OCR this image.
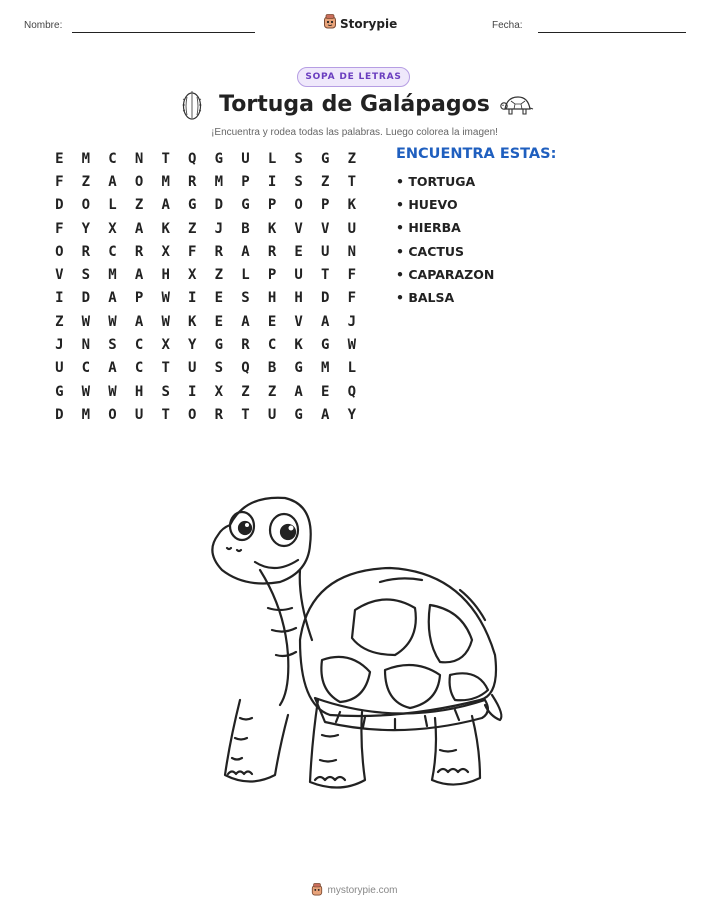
Nombre:	Storypie	Fecha:
SOPA DE LETRAS
Tortuga de Galápagos
¡Encuentra y rodea todas las palabras. Luego colorea la imagen!
E	M	C	N	T	Q	G	U	L	S	G	Z
F	Z	A	O	M	R	M	P	I	S	Z	T
D	O	L	Z	A	G	D	G	P	O	P	K
F	Y	X	A	K	Z	J	B	K	V	V	U
O	R	C	R	X	F	R	A	R	E	U	N
V	S	M	A	H	X	Z	L	P	U	T	F
I	D	A	P	W	I	E	S	H	H	D	F
Z	W	W	A	W	K	E	A	E	V	A	J
J	N	S	C	X	Y	G	R	C	K	G	W
U	C	A	C	T	U	S	Q	B	G	M	L
G	W	W	H	S	I	X	Z	Z	A	E	Q
D	M	O	U	T	O	R	T	U	G	A	Y
ENCUENTRA ESTAS:
• TORTUGA
• HUEVO
• HIERBA
• CACTUS
• CAPARAZON
• BALSA
mystorypie.com
